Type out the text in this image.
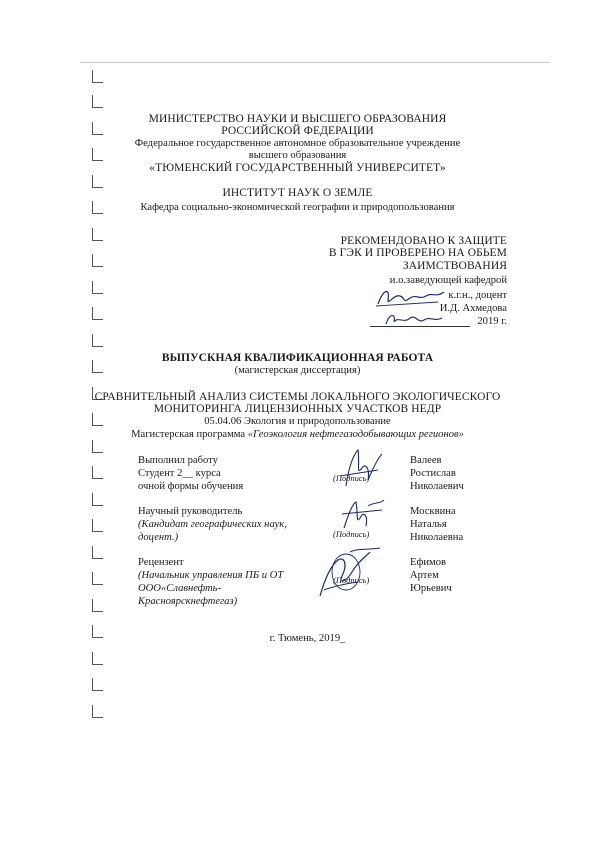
МИНИСТЕРСТВО НАУКИ И ВЫСШЕГО ОБРАЗОВАНИЯ
РОССИЙСКОЙ ФЕДЕРАЦИИ
Федеральное государственное автономное образовательное учреждение
высшего образования
«ТЮМЕНСКИЙ ГОСУДАРСТВЕННЫЙ УНИВЕРСИТЕТ»
ИНСТИТУТ НАУК О ЗЕМЛЕ
Кафедра социально-экономической географии и природопользования
РЕКОМЕНДОВАНО К ЗАЩИТЕ
В ГЭК И ПРОВЕРЕНО НА ОБЬЕМ
ЗАИМСТВОВАНИЯ
и.о.заведующей кафедрой
к.г.н., доцент
И.Д. Ахмедова
2019 г.
ВЫПУСКНАЯ КВАЛИФИКАЦИОННАЯ РАБОТА
(магистерская диссертация)
СРАВНИТЕЛЬНЫЙ АНАЛИЗ СИСТЕМЫ ЛОКАЛЬНОГО ЭКОЛОГИЧЕСКОГО
МОНИТОРИНГА ЛИЦЕНЗИОННЫХ УЧАСТКОВ НЕДР
05.04.06 Экология и природопользование
Магистерская программа «Геоэкология нефтегазодобывающих регионов»
Выполнил работу
Студент 2__ курса
очной формы обучения
(Подпись)
Валеев
Ростислав
Николаевич
Научный руководитель
(Кандидат географических наук,
доцент.)	(Подпись)
Москвина
Наталья
Николаевна
Рецензент
(Начальник управления ПБ и ОТ
ООО«Славнефть-
Красноярскнефтегаз)
(Подпись)
Ефимов
Артем
Юрьевич
г. Тюмень, 2019_
